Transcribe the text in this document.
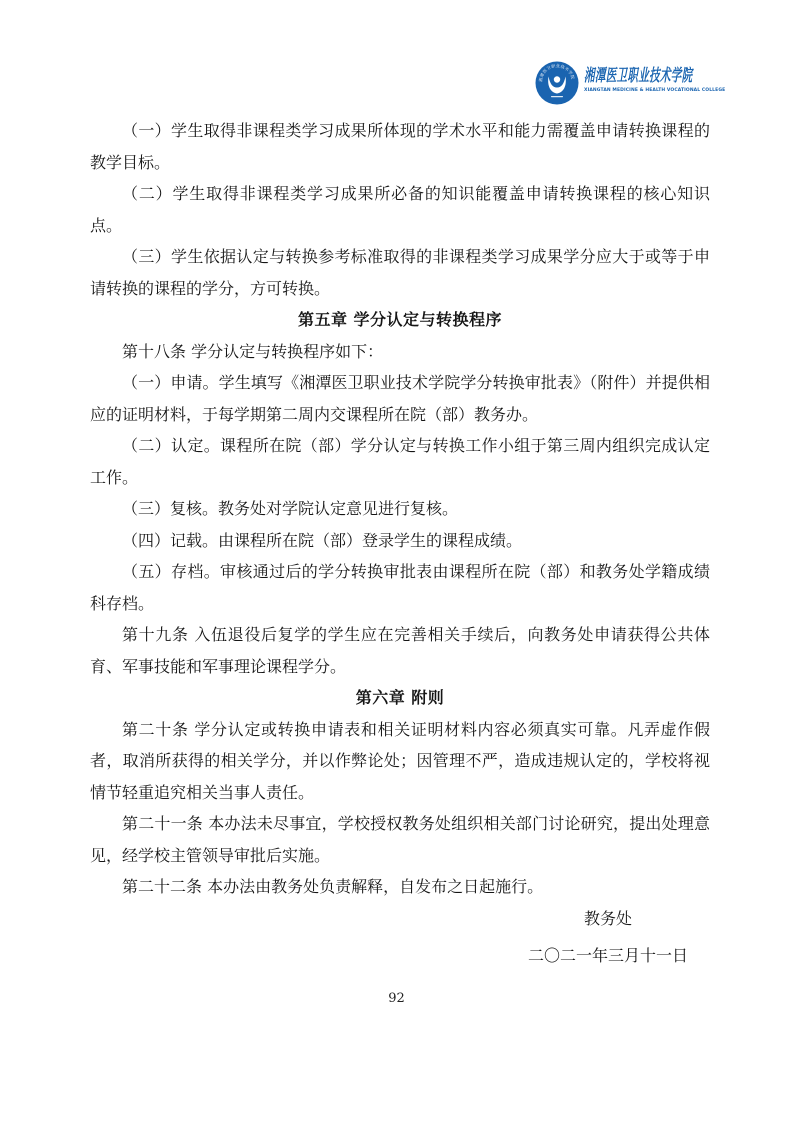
湘潭医卫职业技术学院 湘潭医卫职业技术学院
XIANGTAN MEDICINE & HEALTH VOCATIONAL COLLEGE

（一）学生取得非课程类学习成果所体现的学术水平和能力需覆盖申请转换课程的教学目标。

（二）学生取得非课程类学习成果所必备的知识能覆盖申请转换课程的核心知识点。

（三）学生依据认定与转换参考标准取得的非课程类学习成果学分应大于或等于申请转换的课程的学分，方可转换。

第五章 学分认定与转换程序

第十八条 学分认定与转换程序如下：

（一）申请。学生填写《湘潭医卫职业技术学院学分转换审批表》（附件）并提供相应的证明材料，于每学期第二周内交课程所在院（部）教务办。

（二）认定。课程所在院（部）学分认定与转换工作小组于第三周内组织完成认定工作。

（三）复核。教务处对学院认定意见进行复核。

（四）记载。由课程所在院（部）登录学生的课程成绩。

（五）存档。审核通过后的学分转换审批表由课程所在院（部）和教务处学籍成绩科存档。

第十九条 入伍退役后复学的学生应在完善相关手续后，向教务处申请获得公共体育、军事技能和军事理论课程学分。

第六章 附则

第二十条 学分认定或转换申请表和相关证明材料内容必须真实可靠。凡弄虚作假者，取消所获得的相关学分，并以作弊论处；因管理不严，造成违规认定的，学校将视情节轻重追究相关当事人责任。

第二十一条 本办法未尽事宜，学校授权教务处组织相关部门讨论研究，提出处理意见，经学校主管领导审批后实施。

第二十二条 本办法由教务处负责解释，自发布之日起施行。

教务处

二〇二一年三月十一日

92
